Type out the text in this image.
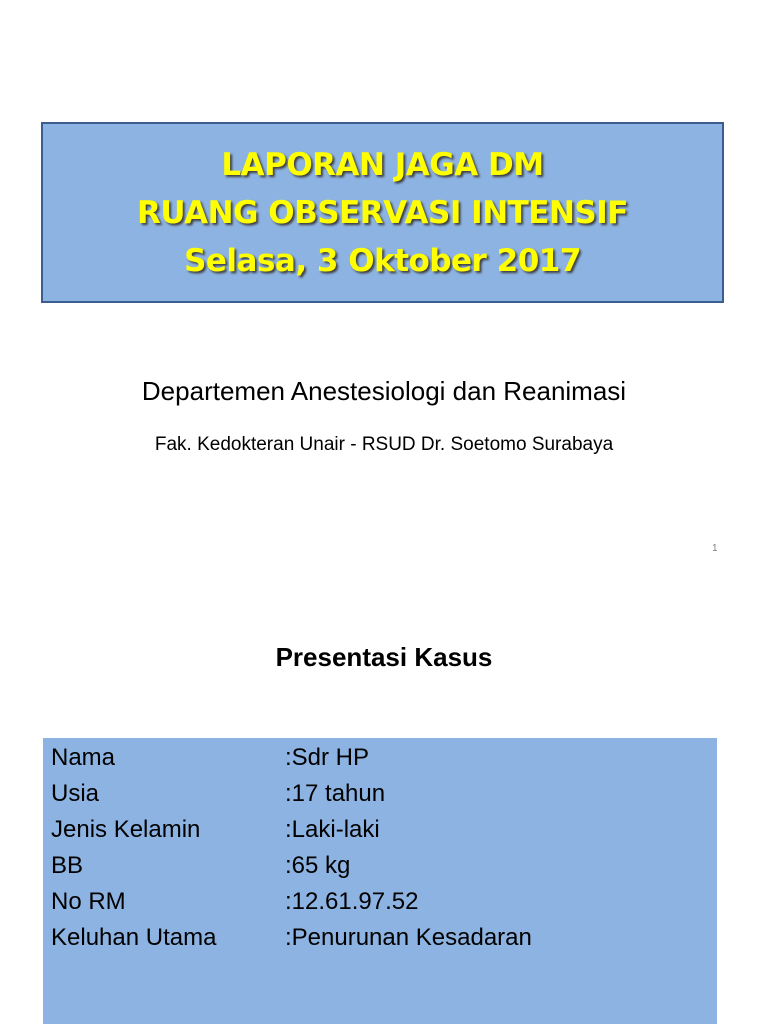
LAPORAN JAGA DM
RUANG OBSERVASI INTENSIF
Selasa, 3 Oktober 2017
Departemen Anestesiologi dan Reanimasi
Fak. Kedokteran Unair - RSUD Dr. Soetomo Surabaya
1
Presentasi Kasus
Nama	:Sdr HP
Usia	:17 tahun
Jenis Kelamin	:Laki-laki
BB	:65 kg
No RM	:12.61.97.52
Keluhan Utama	:Penurunan Kesadaran
